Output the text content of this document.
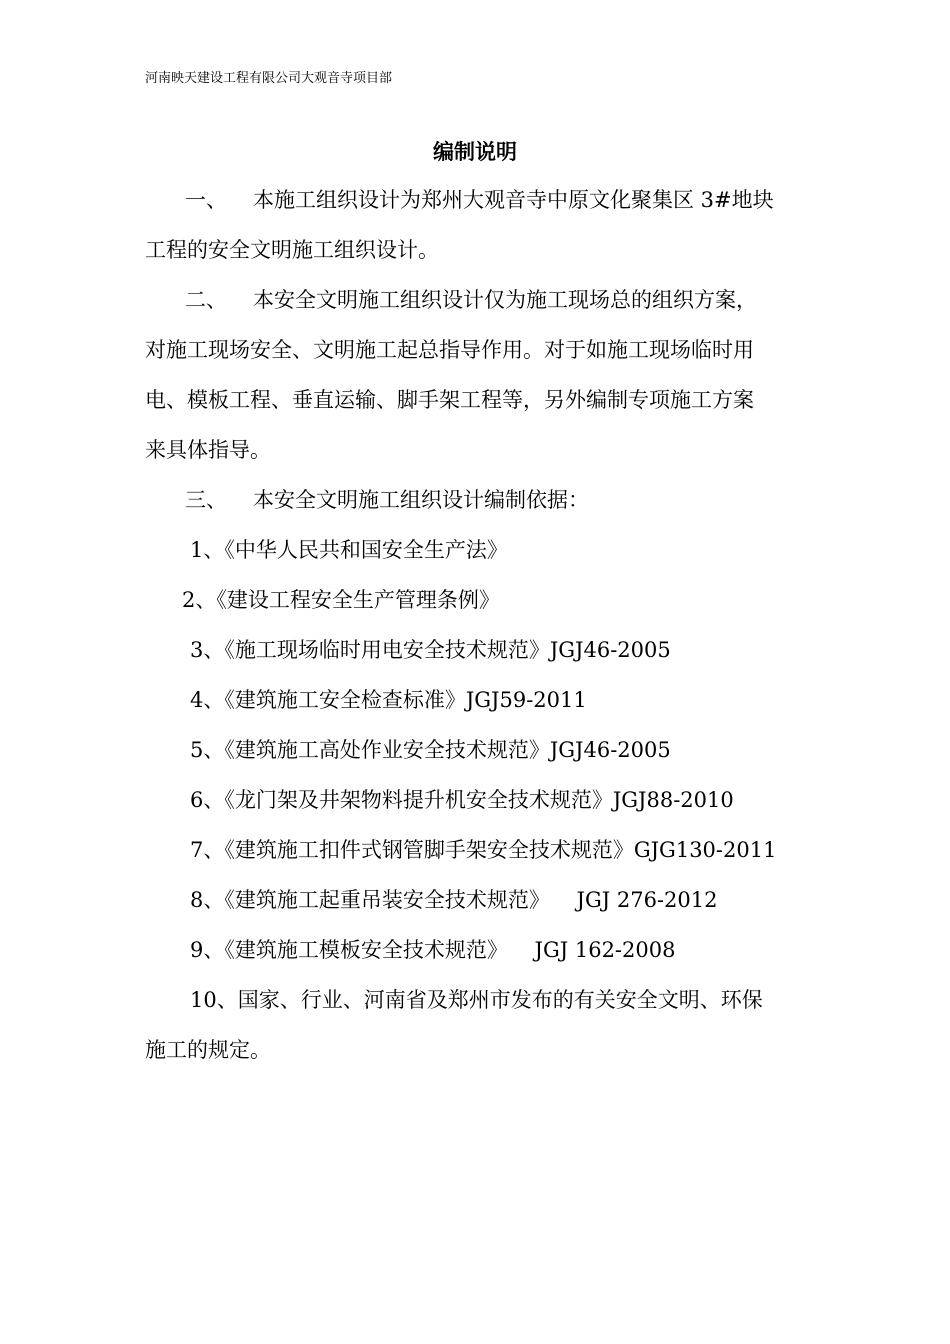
河南映天建设工程有限公司大观音寺项目部
编制说明
一、 本施工组织设计为郑州大观音寺中原文化聚集区 3#地块
工程的安全文明施工组织设计。
二、 本安全文明施工组织设计仅为施工现场总的组织方案，
对施工现场安全、文明施工起总指导作用。对于如施工现场临时用
电、模板工程、垂直运输、脚手架工程等，另外编制专项施工方案
来具体指导。
三、 本安全文明施工组织设计编制依据：
1、《中华人民共和国安全生产法》
2、《建设工程安全生产管理条例》
3、《施工现场临时用电安全技术规范》JGJ46-2005
4、《建筑施工安全检查标准》JGJ59-2011
5、《建筑施工高处作业安全技术规范》JGJ46-2005
6、《龙门架及井架物料提升机安全技术规范》JGJ88-2010
7、《建筑施工扣件式钢管脚手架安全技术规范》GJG130-2011
8、《建筑施工起重吊装安全技术规范》    JGJ 276-2012
9、《建筑施工模板安全技术规范》    JGJ 162-2008
10、国家、行业、河南省及郑州市发布的有关安全文明、环保
施工的规定。
